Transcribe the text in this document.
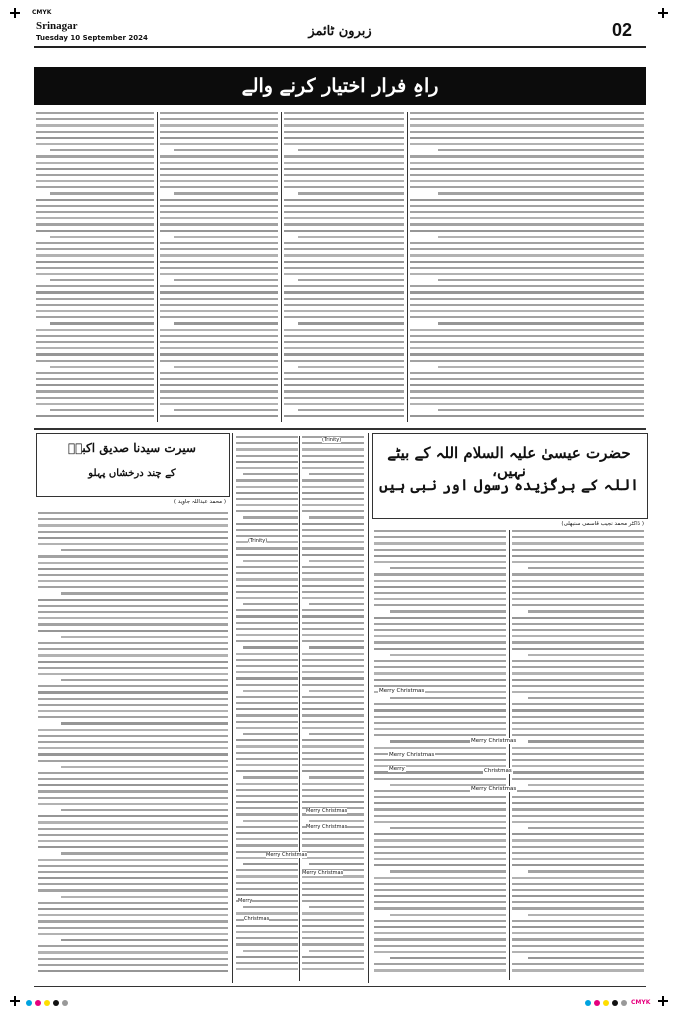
CMYK
CMYK
Srinagar
Tuesday 10 September 2024	زبرون ٹائمز	02
راہِ فرار اختیار کرنے والے
حضرت عیسیٰ علیہ السلام اللہ کے بیٹے نہیں،
اللہ کے برگزیدہ رسول اور نبی ہیں
( ڈاکٹر محمد نجیب قاسمی سنبھلی)
Merry Christmas
Merry Christmas
Merry Christmas
Merry	Christmas
Merry Christmas
(Trinity)
(Trinity)
Merry Christmas
Merry Christmas
Merry Christmas
Merry Christmas
Merry
Christmas
سیرت سیدنا صدیق اکبرؓ
کے چند درخشاں پہلو
( محمد عبداللہ جاوید )
